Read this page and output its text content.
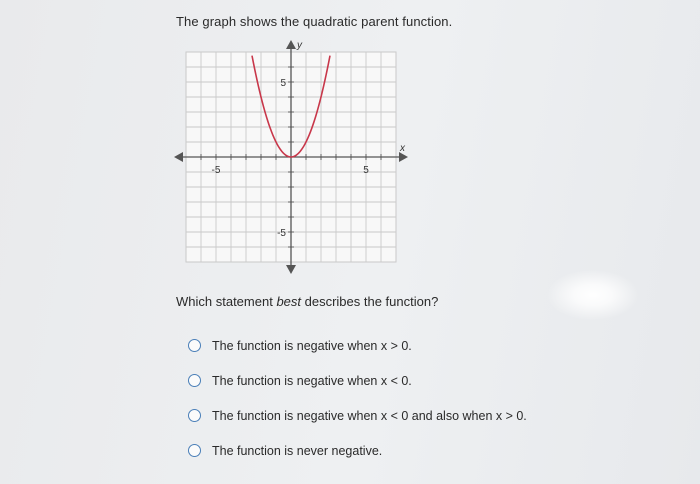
The graph shows the quadratic parent function.
-5	5
5
-5
x
y
Which statement best describes the function?
The function is negative when x > 0.
The function is negative when x < 0.
The function is negative when x < 0 and also when x > 0.
The function is never negative.
